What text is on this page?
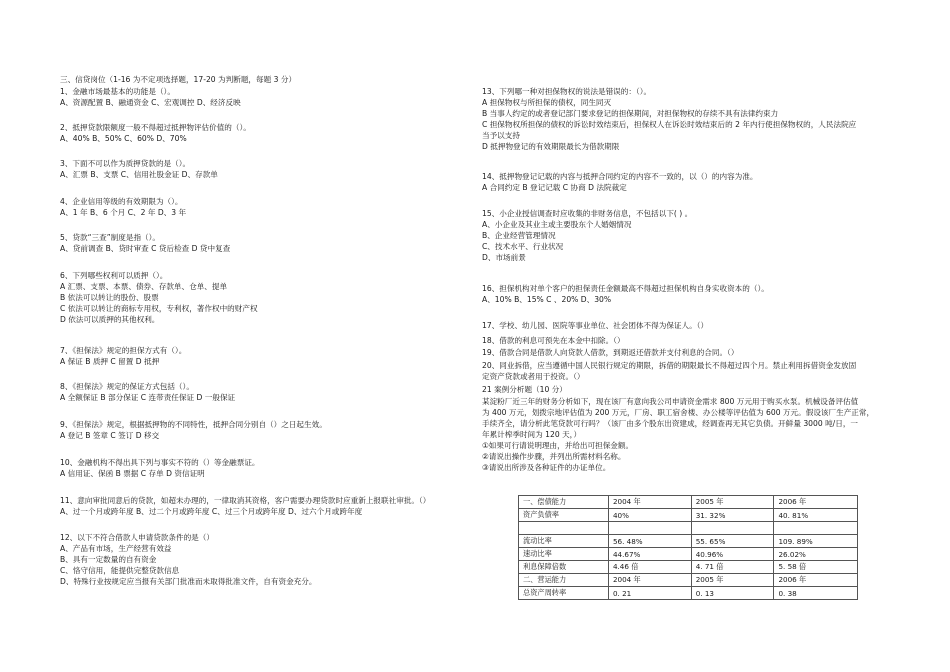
三、信贷岗位（1-16 为不定项选择题，17-20 为判断题，每题 3 分）
1、金融市场最基本的功能是（）。
A、资源配置 B、融通资金 C、宏观调控 D、经济反映
2、抵押贷款限额度一般不得超过抵押物评估价值的（）。
A、40% B、50% C、60% D、70%
3、下面不可以作为质押贷款的是（）。
A、汇票 B、支票 C、信用社股金证 D、存款单
4、企业信用等级的有效期限为（）。
A、1 年 B、6 个月 C、2 年 D、3 年
5、贷款“三查”制度是指（）。
A、贷前调查 B、贷时审查 C 贷后检查 D 贷中复查
6、下列哪些权利可以质押（）。
A 汇票、支票、本票、债券、存款单、仓单、提单
B 依法可以转让的股份、股票
C 依法可以转让的商标专用权，专利权，著作权中的财产权
D 依法可以质押的其他权利。
7、《担保法》规定的担保方式有（）。
A 保证 B 质押 C 留置 D 抵押
8、《担保法》规定的保证方式包括（）。
A 全额保证 B 部分保证 C 连带责任保证 D 一般保证
9、《担保法》规定，根据抵押物的不同特性，抵押合同分别自（）之日起生效。
A 登记 B 签章 C 签订 D 移交
10、金融机构不得出具下列与事实不符的（）等金融票证。
A 信用证、保函 B 票据 C 存单 D 资信证明
11、意向审批同意后的贷款，如超未办理的，一律取消其资格，客户需要办理贷款时应重新上报联社审批。（）
A、过一个月或跨年度 B、过二个月或跨年度 C、过三个月或跨年度 D、过六个月或跨年度
12、以下不符合借款人申请贷款条件的是（）
A、产品有市场，生产经营有效益
B、具有一定数量的自有资金
C、恪守信用，能提供完整贷款信息
D、特殊行业按规定应当报有关部门批准而未取得批准文件，自有资金充分。
13、下列哪一种对担保物权的说法是错误的：（）。
A 担保物权与所担保的债权，同生同灭
B 当事人约定的或者登记部门要求登记的担保期间，对担保物权的存续不具有法律约束力
C 担保物权所担保的债权的诉讼时效结束后，担保权人在诉讼时效结束后的 2 年内行使担保物权的，人民法院应
当予以支持
D 抵押物登记的有效期限最长为借款期限
14、抵押物登记记载的内容与抵押合同约定的内容不一致的，以（）的内容为准。
A 合同约定 B 登记记载 C 协商 D 法院裁定
15、小企业授信调查时应收集的非财务信息，不包括以下( ) 。
A、小企业及其业主或主要股东个人婚姻情况
B、企业经营管理情况
C、技术水平、行业状况
D、市场前景
16、担保机构对单个客户的担保责任金额最高不得超过担保机构自身实收资本的（）。
A、10% B、15% C 、20% D、30%
17、学校、幼儿园、医院等事业单位、社会团体不得为保证人。（）
18、借款的利息可预先在本金中扣除。（）
19、借款合同是借款人向贷款人借款，到期返还借款并支付利息的合同。（）
20、同业拆借，应当遵循中国人民银行规定的期限，拆借的期限最长不得超过四个月。禁止利用拆借资金发放固
定资产贷款或者用于投资。（）
21 案例分析题（10 分）
某淀粉厂近三年的财务分析如下，现在该厂有意向我公司申请资金需求 800 万元用于购买水泵。机械设备评估值
为 400 万元，划拨宗地评估值为 200 万元，厂房、职工宿舍楼、办公楼等评估值为 600 万元。假设该厂生产正常，
手续齐全，请分析此笔贷款可行吗？（该厂由多个股东出资建成，经调查再无其它负债。开鲜量 3000 吨/日，一
年累计榨季时间为 120 天，）
①如果可行请说明理由，并给出可担保金额。
②请说出操作步骤，并列出所需材料名称。
③请说出所涉及各种证件的办证单位。
一、偿债能力	2004 年	2005 年	2006 年
资产负债率	40%	31. 32%	40. 81%

流动比率	56. 48%	55. 65%	109. 89%
速动比率	44.67%	40.96%	26.02%
利息保障倍数	4.46 倍	4. 71 倍	5. 58 倍
二、营运能力	2004 年	2005 年	2006 年
总资产周转率	0. 21	0. 13	0. 38
